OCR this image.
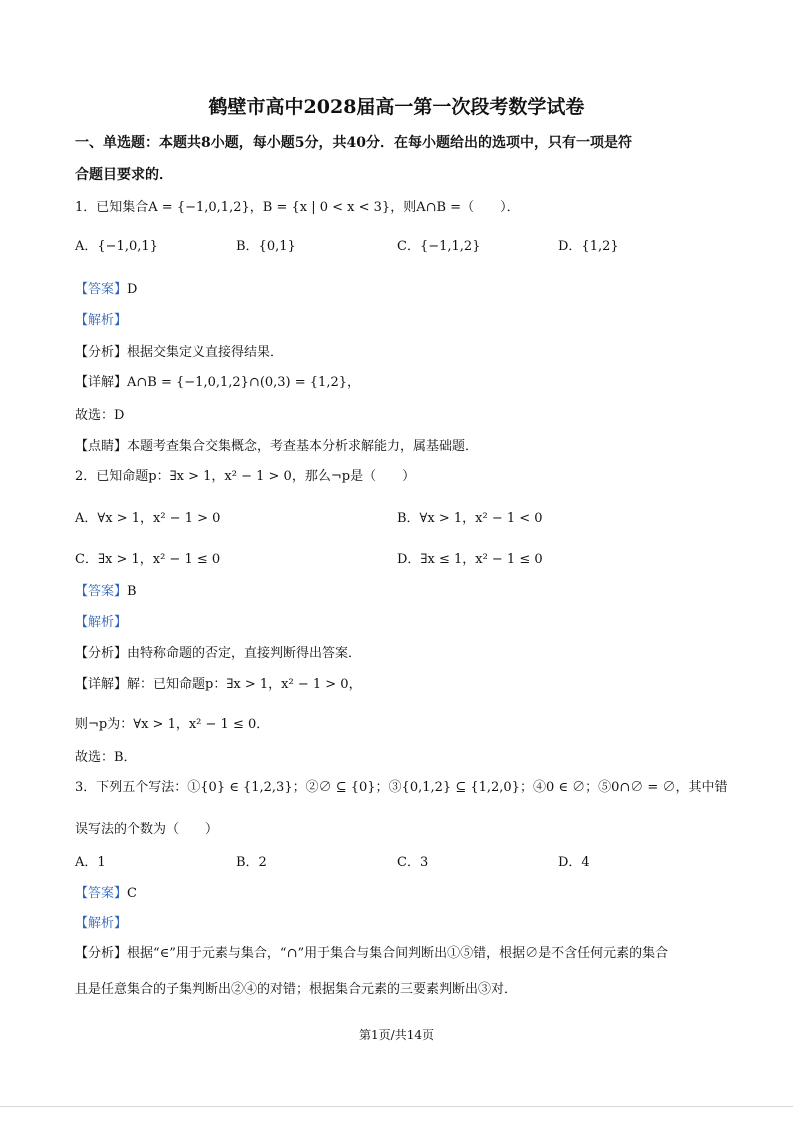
鹤壁市高中2028届高一第一次段考数学试卷
一、单选题：本题共8小题，每小题5分，共40分．在每小题给出的选项中，只有一项是符
合题目要求的．
1．已知集合A = {−1,0,1,2}，B = {x | 0 < x < 3}，则A∩B =（　　）．
A．{−1,0,1}	B．{0,1}	C．{−1,1,2}	D．{1,2}
【答案】D
【解析】
【分析】根据交集定义直接得结果．
【详解】A∩B = {−1,0,1,2}∩(0,3) = {1,2}，
故选：D
【点睛】本题考查集合交集概念，考查基本分析求解能力，属基础题．
2．已知命题p：∃x > 1，x² − 1 > 0，那么¬p是（　　）
A．∀x > 1，x² − 1 > 0	B．∀x > 1，x² − 1 < 0
C．∃x > 1，x² − 1 ≤ 0	D．∃x ≤ 1，x² − 1 ≤ 0
【答案】B
【解析】
【分析】由特称命题的否定，直接判断得出答案．
【详解】解：已知命题p：∃x > 1，x² − 1 > 0，
则¬p为：∀x > 1，x² − 1 ≤ 0．
故选：B．
3．下列五个写法：①{0} ∈ {1,2,3}；②∅ ⊆ {0}；③{0,1,2} ⊆ {1,2,0}；④0 ∈ ∅；⑤0∩∅ = ∅，其中错
误写法的个数为（　　）
A．1	B．2	C．3	D．4
【答案】C
【解析】
【分析】根据“∈”用于元素与集合，“∩”用于集合与集合间判断出①⑤错，根据∅是不含任何元素的集合
且是任意集合的子集判断出②④的对错；根据集合元素的三要素判断出③对．
第1页/共14页
